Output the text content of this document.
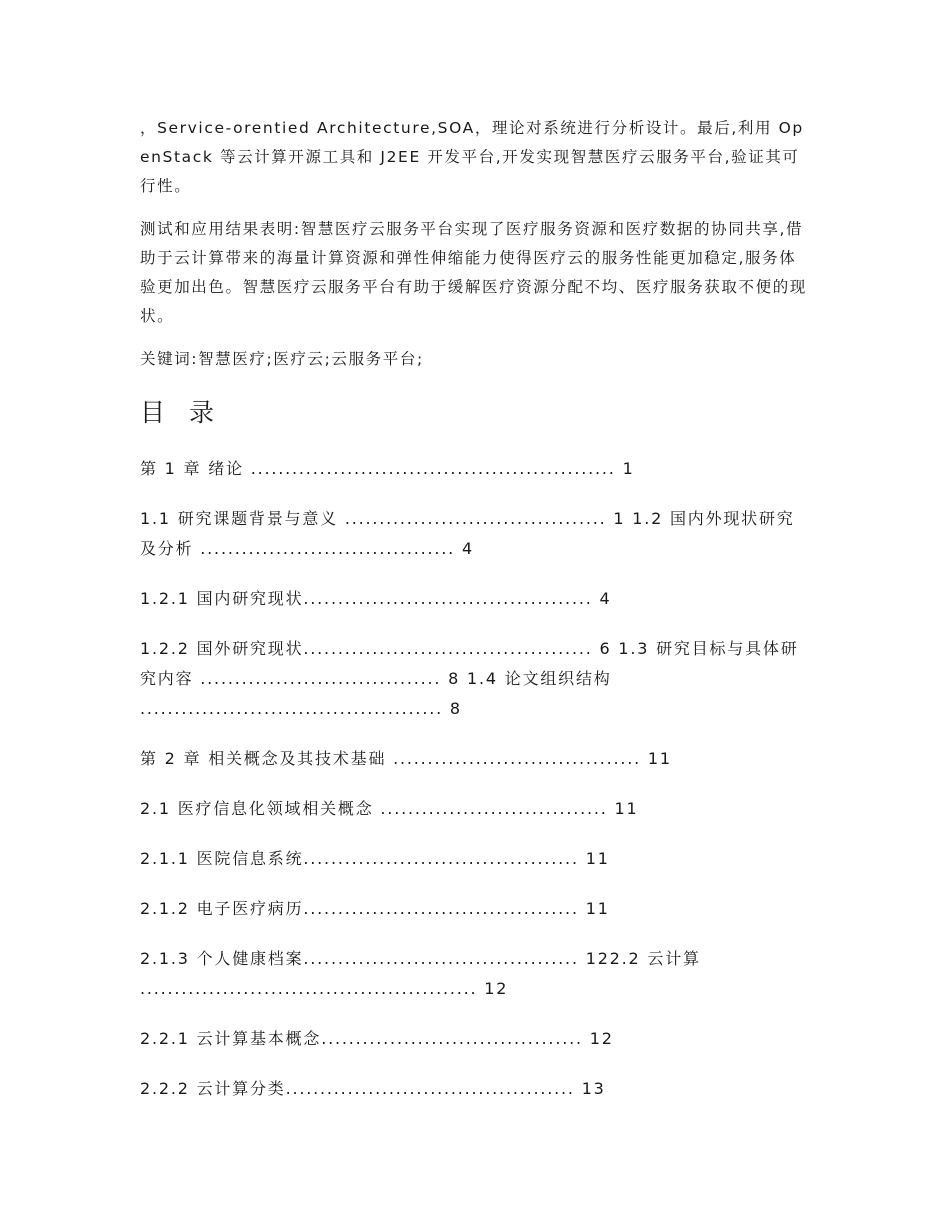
，Service-orentied Architecture,SOA，理论对系统进行分析设计。最后,利用 OpenStack 等云计算开源工具和 J2EE 开发平台,开发实现智慧医疗云服务平台,验证其可行性。

测试和应用结果表明:智慧医疗云服务平台实现了医疗服务资源和医疗数据的协同共享,借助于云计算带来的海量计算资源和弹性伸缩能力使得医疗云的服务性能更加稳定,服务体验更加出色。智慧医疗云服务平台有助于缓解医疗资源分配不均、医疗服务获取不便的现状。

关键词:智慧医疗;医疗云;云服务平台;

目 录
第 1 章 绪论 ..................................................... 1
1.1 研究课题背景与意义 ...................................... 1 1.2 国内外现状研究及分析 ..................................... 4
1.2.1 国内研究现状.......................................... 4
1.2.2 国外研究现状.......................................... 6 1.3 研究目标与具体研究内容 ................................... 8 1.4 论文组织结构 ............................................ 8
第 2 章 相关概念及其技术基础 .................................... 11
2.1 医疗信息化领域相关概念 ................................. 11
2.1.1 医院信息系统........................................ 11
2.1.2 电子医疗病历........................................ 11
2.1.3 个人健康档案........................................ 122.2 云计算 ................................................. 12
2.2.1 云计算基本概念...................................... 12
2.2.2 云计算分类.......................................... 13
